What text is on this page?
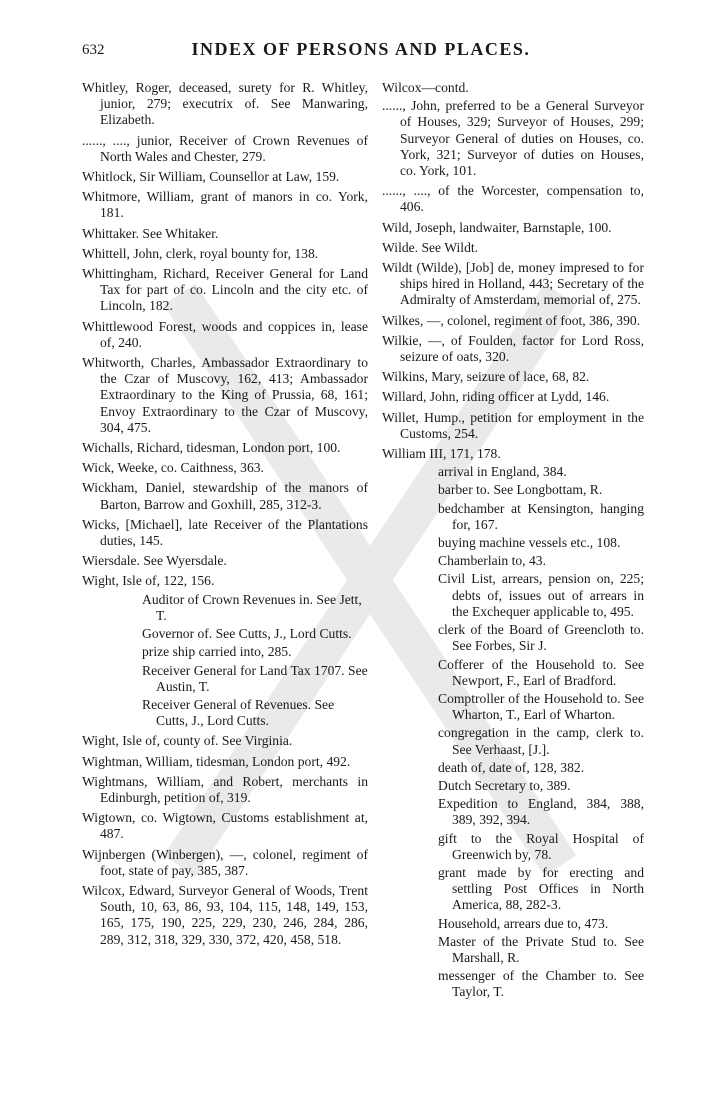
632	INDEX OF PERSONS AND PLACES.

Whitley, Roger, deceased, surety for R. Whitley, junior, 279; executrix of. See Manwaring, Elizabeth.

......, ...., junior, Receiver of Crown Revenues of North Wales and Chester, 279.

Whitlock, Sir William, Counsellor at Law, 159.

Whitmore, William, grant of manors in co. York, 181.

Whittaker. See Whitaker.

Whittell, John, clerk, royal bounty for, 138.

Whittingham, Richard, Receiver General for Land Tax for part of co. Lincoln and the city etc. of Lincoln, 182.

Whittlewood Forest, woods and coppices in, lease of, 240.

Whitworth, Charles, Ambassador Extraordinary to the Czar of Muscovy, 162, 413; Ambassador Extraordinary to the King of Prussia, 68, 161; Envoy Extraordinary to the Czar of Muscovy, 304, 475.

Wichalls, Richard, tidesman, London port, 100.

Wick, Weeke, co. Caithness, 363.

Wickham, Daniel, stewardship of the manors of Barton, Barrow and Goxhill, 285, 312-3.

Wicks, [Michael], late Receiver of the Plantations duties, 145.

Wiersdale. See Wyersdale.

Wight, Isle of, 122, 156.

Auditor of Crown Revenues in. See Jett, T.

Governor of. See Cutts, J., Lord Cutts.

prize ship carried into, 285.

Receiver General for Land Tax 1707. See Austin, T.

Receiver General of Revenues. See Cutts, J., Lord Cutts.

Wight, Isle of, county of. See Virginia.

Wightman, William, tidesman, London port, 492.

Wightmans, William, and Robert, merchants in Edinburgh, petition of, 319.

Wigtown, co. Wigtown, Customs establishment at, 487.

Wijnbergen (Winbergen), —, colonel, regiment of foot, state of pay, 385, 387.

Wilcox, Edward, Surveyor General of Woods, Trent South, 10, 63, 86, 93, 104, 115, 148, 149, 153, 165, 175, 190, 225, 229, 230, 246, 284, 286, 289, 312, 318, 329, 330, 372, 420, 458, 518.

Wilcox—contd.

......, John, preferred to be a General Surveyor of Houses, 329; Surveyor of Houses, 299; Surveyor General of duties on Houses, co. York, 321; Surveyor of duties on Houses, co. York, 101.

......, ...., of the Worcester, compensation to, 406.

Wild, Joseph, landwaiter, Barnstaple, 100.

Wilde. See Wildt.

Wildt (Wilde), [Job] de, money impresed to for ships hired in Holland, 443; Secretary of the Admiralty of Amsterdam, memorial of, 275.

Wilkes, —, colonel, regiment of foot, 386, 390.

Wilkie, —, of Foulden, factor for Lord Ross, seizure of oats, 320.

Wilkins, Mary, seizure of lace, 68, 82.

Willard, John, riding officer at Lydd, 146.

Willet, Hump., petition for employment in the Customs, 254.

William III, 171, 178.

arrival in England, 384.

barber to. See Longbottam, R.

bedchamber at Kensington, hanging for, 167.

buying machine vessels etc., 108.

Chamberlain to, 43.

Civil List, arrears, pension on, 225; debts of, issues out of arrears in the Exchequer applicable to, 495.

clerk of the Board of Greencloth to. See Forbes, Sir J.

Cofferer of the Household to. See Newport, F., Earl of Bradford.

Comptroller of the Household to. See Wharton, T., Earl of Wharton.

congregation in the camp, clerk to. See Verhaast, [J.].

death of, date of, 128, 382.

Dutch Secretary to, 389.

Expedition to England, 384, 388, 389, 392, 394.

gift to the Royal Hospital of Greenwich by, 78.

grant made by for erecting and settling Post Offices in North America, 88, 282-3.

Household, arrears due to, 473.

Master of the Private Stud to. See Marshall, R.

messenger of the Chamber to. See Taylor, T.
